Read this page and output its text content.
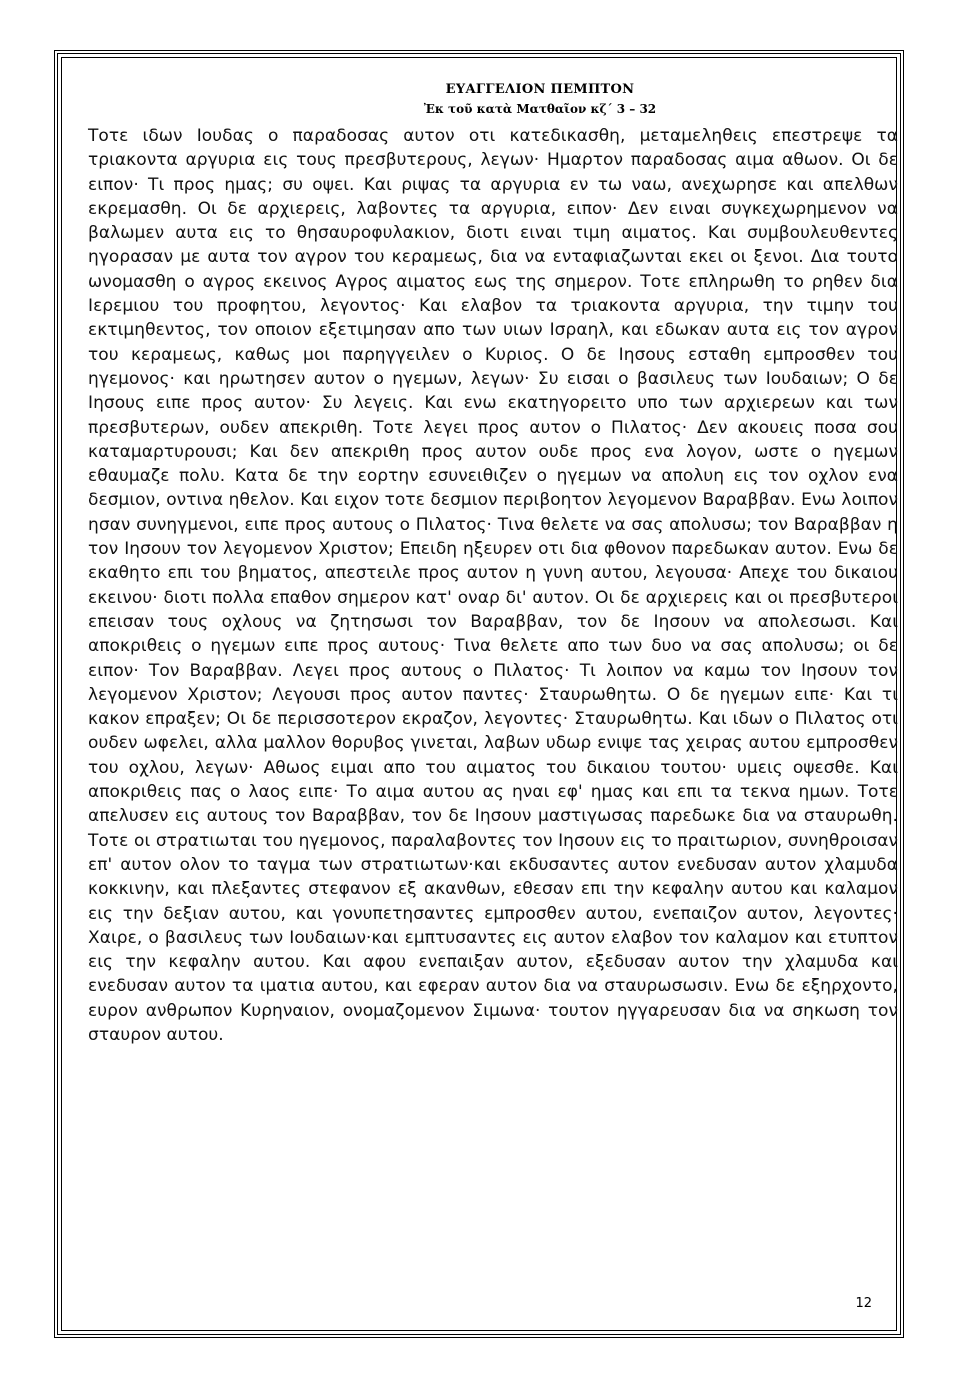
ΕΥΑΓΓΕΛΙΟΝ ΠΕΜΠΤΟΝ
Ἐκ τοῦ κατὰ Ματθαῖον κζ΄ 3 – 32

Τοτε ιδων Ιουδας ο παραδοσας αυτον οτι κατεδικασθη, μεταμεληθεις επεστρεψε τα τριακοντα αργυρια εις τους πρεσβυτερους, λεγων· Ημαρτον παραδοσας αιμα αθωον. Οι δε ειπον· Τι προς ημας; συ οψει. Και ριψας τα αργυρια εν τω ναω, ανεχωρησε και απελθων εκρεμασθη. Οι δε αρχιερεις, λαβοντες τα αργυρια, ειπον· Δεν ειναι συγκεχωρημενον να βαλωμεν αυτα εις το θησαυροφυλακιον, διοτι ειναι τιμη αιματος. Και συμβουλευθεντες ηγορασαν με αυτα τον αγρον του κεραμεως, δια να ενταφιαζωνται εκει οι ξενοι. Δια τουτο ωνομασθη ο αγρος εκεινος Αγρος αιματος εως της σημερον. Τοτε επληρωθη το ρηθεν δια Ιερεμιου του προφητου, λεγοντος· Και ελαβον τα τριακοντα αργυρια, την τιμην του εκτιμηθεντος, τον οποιον εξετιμησαν απο των υιων Ισραηλ, και εδωκαν αυτα εις τον αγρον του κεραμεως, καθως μοι παρηγγειλεν ο Κυριος. Ο δε Ιησους εσταθη εμπροσθεν του ηγεμονος· και ηρωτησεν αυτον ο ηγεμων, λεγων· Συ εισαι ο βασιλευς των Ιουδαιων; Ο δε Ιησους ειπε προς αυτον· Συ λεγεις. Και ενω εκατηγορειτο υπο των αρχιερεων και των πρεσβυτερων, ουδεν απεκριθη. Τοτε λεγει προς αυτον ο Πιλατος· Δεν ακουεις ποσα σου καταμαρτυρουσι; Και δεν απεκριθη προς αυτον ουδε προς ενα λογον, ωστε ο ηγεμων εθαυμαζε πολυ. Κατα δε την εορτην εσυνειθιζεν ο ηγεμων να απολυη εις τον οχλον ενα δεσμιον, οντινα ηθελον. Και ειχον τοτε δεσμιον περιβοητον λεγομενον Βαραββαν. Ενω λοιπον ησαν συνηγμενοι, ειπε προς αυτους ο Πιλατος· Τινα θελετε να σας απολυσω; τον Βαραββαν η τον Ιησουν τον λεγομενον Χριστον; Επειδη ηξευρεν οτι δια φθονον παρεδωκαν αυτον. Ενω δε εκαθητο επι του βηματος, απεστειλε προς αυτον η γυνη αυτου, λεγουσα· Απεχε του δικαιου εκεινου· διοτι πολλα επαθον σημερον κατ' οναρ δι' αυτον. Οι δε αρχιερεις και οι πρεσβυτεροι επεισαν τους οχλους να ζητησωσι τον Βαραββαν, τον δε Ιησουν να απολεσωσι. Και αποκριθεις ο ηγεμων ειπε προς αυτους· Τινα θελετε απο των δυο να σας απολυσω; οι δε ειπον· Τον Βαραββαν. Λεγει προς αυτους ο Πιλατος· Τι λοιπον να καμω τον Ιησουν τον λεγομενον Χριστον; Λεγουσι προς αυτον παντες· Σταυρωθητω. Ο δε ηγεμων ειπε· Και τι κακον επραξεν; Οι δε περισσοτερον εκραζον, λεγοντες· Σταυρωθητω. Και ιδων ο Πιλατος οτι ουδεν ωφελει, αλλα μαλλον θορυβος γινεται, λαβων υδωρ ενιψε τας χειρας αυτου εμπροσθεν του οχλου, λεγων· Αθωος ειμαι απο του αιματος του δικαιου τουτου· υμεις οψεσθε. Και αποκριθεις πας ο λαος ειπε· Το αιμα αυτου ας ηναι εφ' ημας και επι τα τεκνα ημων. Τοτε απελυσεν εις αυτους τον Βαραββαν, τον δε Ιησουν μαστιγωσας παρεδωκε δια να σταυρωθη. Τοτε οι στρατιωται του ηγεμονος, παραλαβοντες τον Ιησουν εις το πραιτωριον, συνηθροισαν επ' αυτον ολον το ταγμα των στρατιωτων·και εκδυσαντες αυτον ενεδυσαν αυτον χλαμυδα κοκκινην, και πλεξαντες στεφανον εξ ακανθων, εθεσαν επι την κεφαλην αυτου και καλαμον εις την δεξιαν αυτου, και γονυπετησαντες εμπροσθεν αυτου, ενεπαιζον αυτον, λεγοντες· Χαιρε, ο βασιλευς των Ιουδαιων·και εμπτυσαντες εις αυτον ελαβον τον καλαμον και ετυπτον εις την κεφαλην αυτου. Και αφου ενεπαιξαν αυτον, εξεδυσαν αυτον την χλαμυδα και ενεδυσαν αυτον τα ιματια αυτου, και εφεραν αυτον δια να σταυρωσωσιν. Ενω δε εξηρχοντο, ευρον ανθρωπον Κυρηναιον, ονομαζομενον Σιμωνα· τουτον ηγγαρευσαν δια να σηκωση τον σταυρον αυτου.

12
